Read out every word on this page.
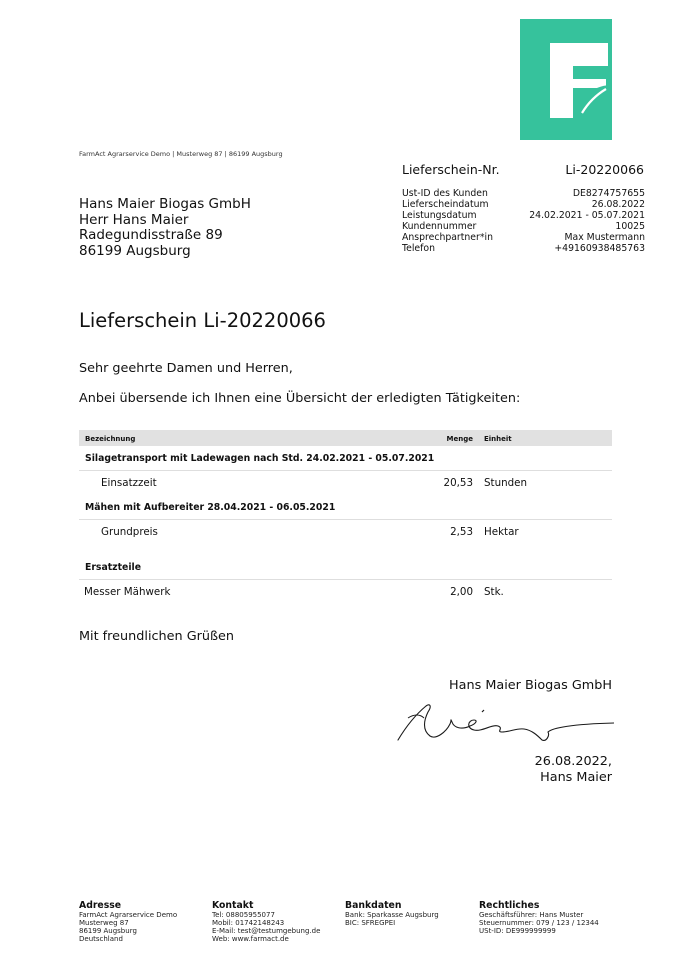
FarmAct Agrarservice Demo | Musterweg 87 | 86199 Augsburg
Hans Maier Biogas GmbH
Herr Hans Maier
Radegundisstraße 89
86199 Augsburg
Lieferschein-Nr.	Li-20220066
Ust-ID des Kunden	DE8274757655
Lieferscheindatum	26.08.2022
Leistungsdatum	24.02.2021 - 05.07.2021
Kundennummer	10025
Ansprechpartner*in	Max Mustermann
Telefon	+49160938485763
Lieferschein Li-20220066
Sehr geehrte Damen und Herren,
Anbei übersende ich Ihnen eine Übersicht der erledigten Tätigkeiten:
Bezeichnung	Menge Einheit
Silagetransport mit Ladewagen nach Std. 24.02.2021 - 05.07.2021
Einsatzzeit	20,53 Stunden
Mähen mit Aufbereiter 28.04.2021 - 06.05.2021
Grundpreis	2,53 Hektar
Ersatzteile
Messer Mähwerk	2,00 Stk.
Mit freundlichen Grüßen
Hans Maier Biogas GmbH
26.08.2022,
Hans Maier
Adresse
FarmAct Agrarservice Demo
Musterweg 87
86199 Augsburg
Deutschland
Kontakt
Tel: 08805955077
Mobil: 01742148243
E-Mail: test@testumgebung.de
Web: www.farmact.de
Bankdaten
Bank: Sparkasse Augsburg
BIC: SFREGPEI
Rechtliches
Geschäftsführer: Hans Muster
Steuernummer: 079 / 123 / 12344
USt-ID: DE999999999
